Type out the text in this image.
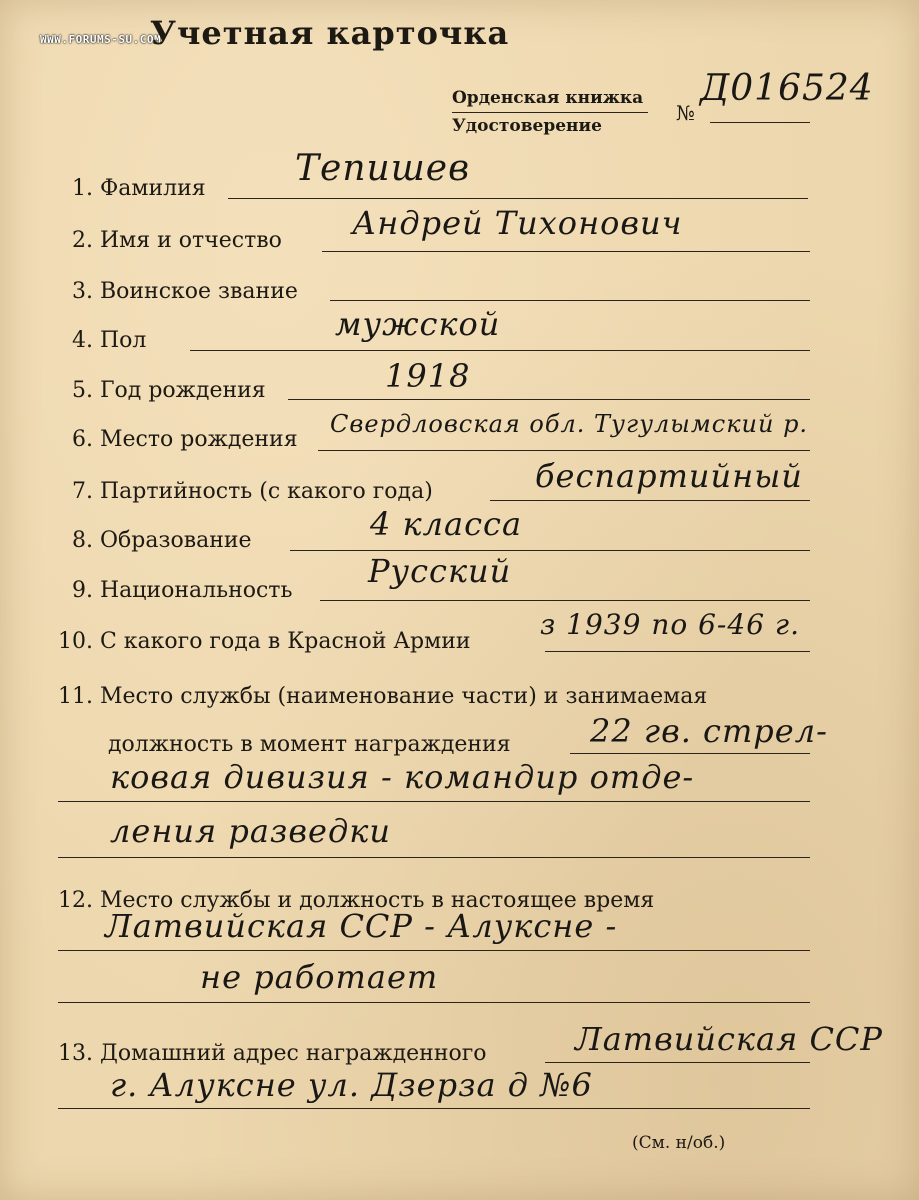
WWW.FORUMS-SU.COM
Учетная карточка
Орденская книжка
Удостоверение
№
Д016524
1. Фамилия Тепишев
2. Имя и отчество Андрей Тихонович
3. Воинское звание
4. Пол	мужской
5. Год рождения	1918
6. Место рождения
Свердловская обл. Тугулымский р.
7. Партийность (с какого года)	беспартийный
8. Образование	4 класса
9. Национальность
Русский
10. С какого года в Красной Армии
з 1939 по 6-46 г.
11. Место службы (наименование части) и занимаемая
должность в момент награждения 22 гв. стрел-
ковая дивизия - командир отде-
ления разведки
12. Место службы и должность в настоящее время
Латвийская ССР - Алуксне -
не работает
13. Домашний адрес награжденного	Латвийская ССР
г. Алуксне ул. Дзерза д №6
(См. н/об.)
